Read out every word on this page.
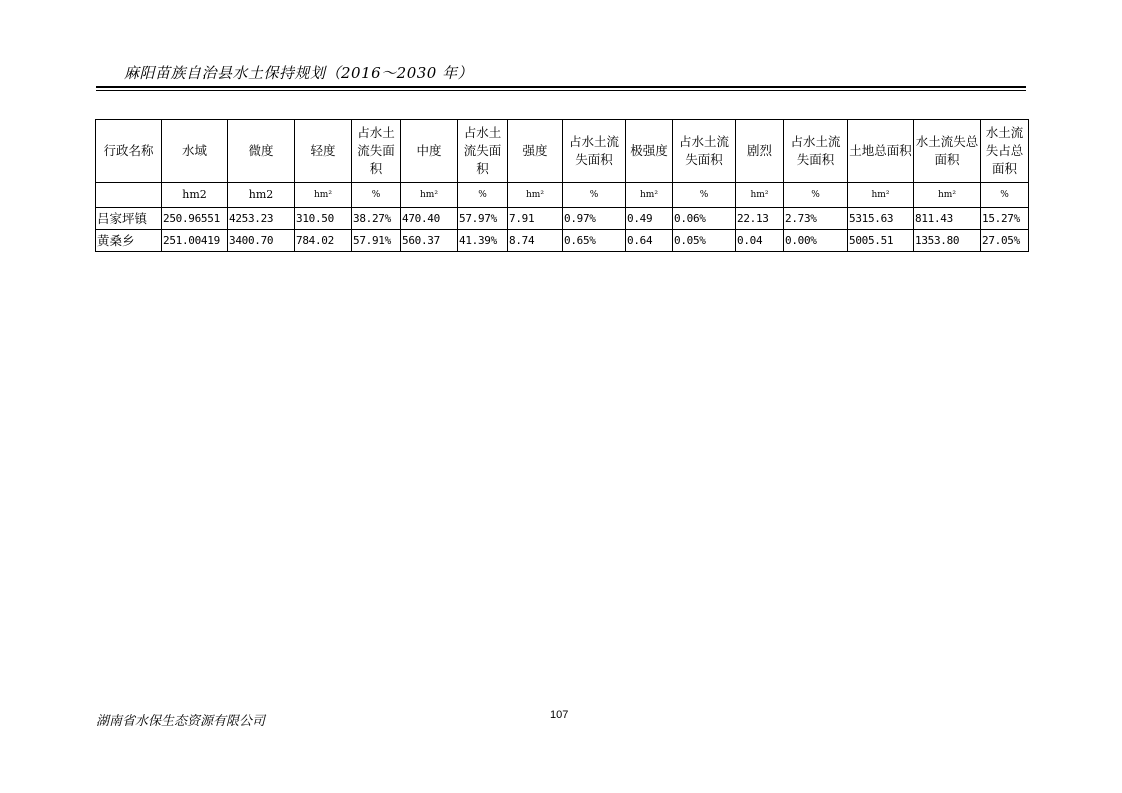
麻阳苗族自治县水土保持规划（2016～2030 年）
行政名称	水域	微度	轻度	占水土流失面积	中度	占水土流失面积	强度	占水土流失面积	极强度	占水土流失面积	剧烈	占水土流失面积	土地总面积	水土流失总面积	水土流失占总面积
	hm2	hm2	hm²	%	hm²	%	hm²	%	hm²	%	hm²	%	hm²	hm²	%
吕家坪镇	250.96551	4253.23	310.50	38.27%	470.40	57.97%	7.91	0.97%	0.49	0.06%	22.13	2.73%	5315.63	811.43	15.27%
黄桑乡	251.00419	3400.70	784.02	57.91%	560.37	41.39%	8.74	0.65%	0.64	0.05%	0.04	0.00%	5005.51	1353.80	27.05%
湖南省水保生态资源有限公司	107
